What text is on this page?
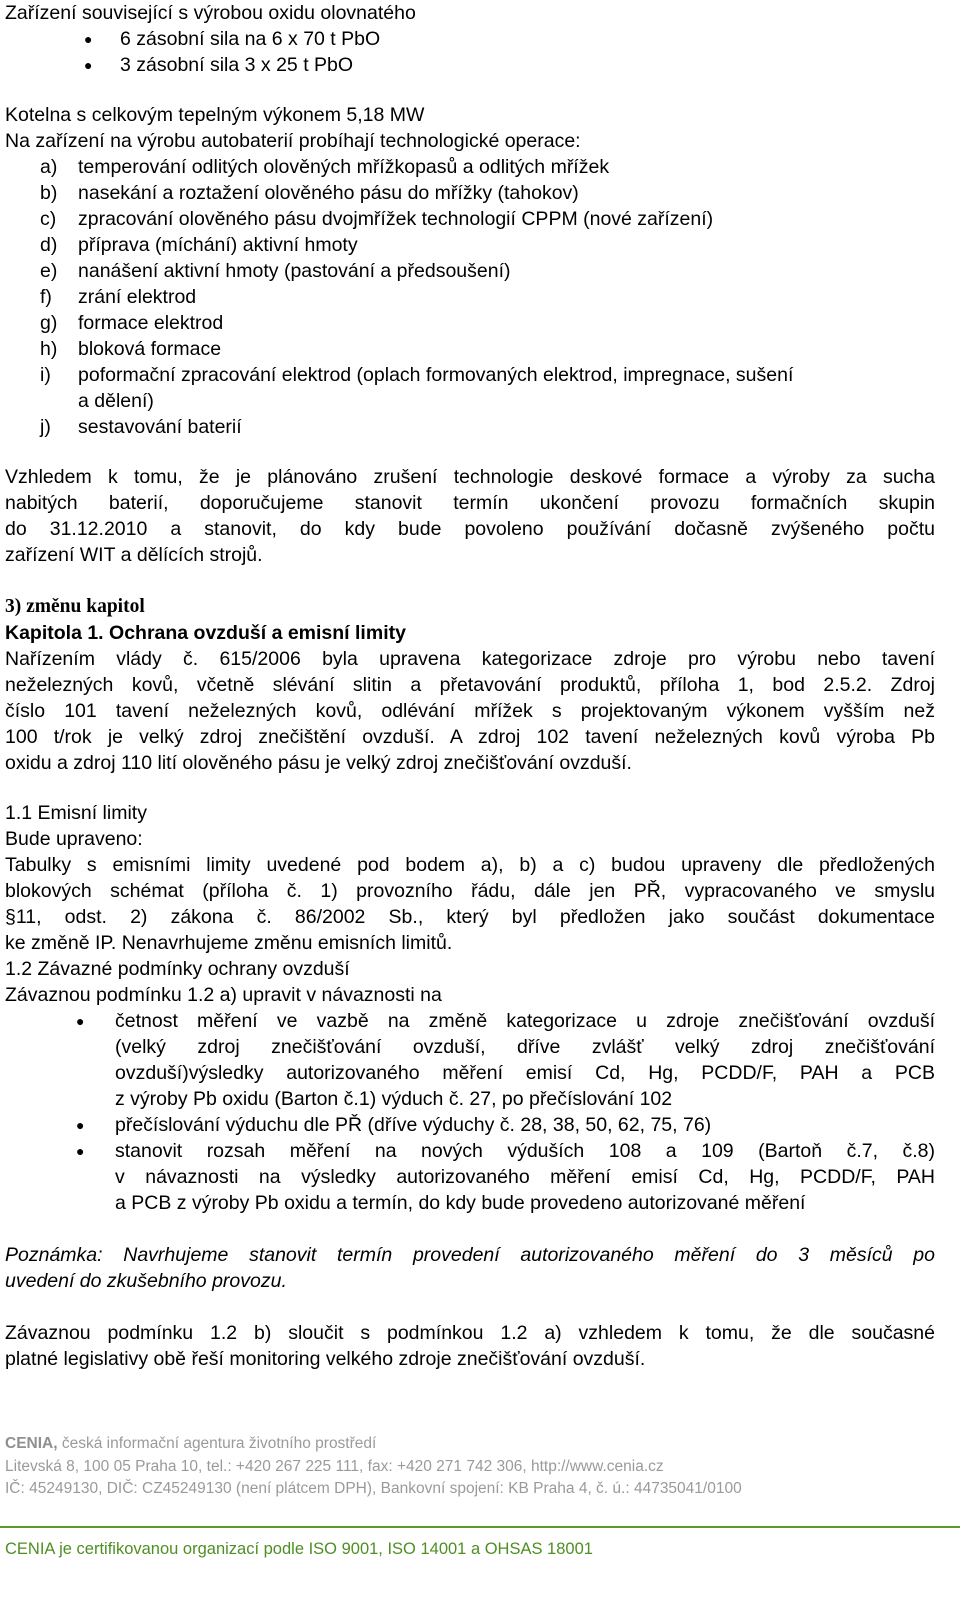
Zařízení související s výrobou oxidu olovnatého
● 6 zásobní sila na 6 x 70 t PbO
● 3 zásobní sila 3 x 25 t PbO
Kotelna s celkovým tepelným výkonem 5,18 MW
Na zařízení na výrobu autobaterií probíhají technologické operace:
a) temperování odlitých olověných mřížkopasů a odlitých mřížek
b) nasekání a roztažení olověného pásu do mřížky (tahokov)
c) zpracování olověného pásu dvojmřížek technologií CPPM (nové zařízení)
d) příprava (míchání) aktivní hmoty
e) nanášení aktivní hmoty (pastování a předsoušení)
f) zrání elektrod
g) formace elektrod
h) bloková formace
i) poformační zpracování elektrod (oplach formovaných elektrod, impregnace, sušení
a dělení)
j) sestavování baterií
Vzhledem k tomu, že je plánováno zrušení technologie deskové formace a výroby za sucha
nabitých baterií, doporučujeme stanovit termín ukončení provozu formačních skupin
do 31.12.2010 a stanovit, do kdy bude povoleno používání dočasně zvýšeného počtu
zařízení WIT a dělících strojů.
3) změnu kapitol
Kapitola 1. Ochrana ovzduší a emisní limity
Nařízením vlády č. 615/2006 byla upravena kategorizace zdroje pro výrobu nebo tavení
neželezných kovů, včetně slévání slitin a přetavování produktů, příloha 1, bod 2.5.2. Zdroj
číslo 101 tavení neželezných kovů, odlévání mřížek s projektovaným výkonem vyšším než
100 t/rok je velký zdroj znečištění ovzduší. A zdroj 102 tavení neželezných kovů výroba Pb
oxidu a zdroj 110 lití olověného pásu je velký zdroj znečišťování ovzduší.
1.1 Emisní limity
Bude upraveno:
Tabulky s emisními limity uvedené pod bodem a), b) a c) budou upraveny dle předložených
blokových schémat (příloha č. 1) provozního řádu, dále jen PŘ, vypracovaného ve smyslu
§11, odst. 2) zákona č. 86/2002 Sb., který byl předložen jako součást dokumentace
ke změně IP. Nenavrhujeme změnu emisních limitů.
1.2 Závazné podmínky ochrany ovzduší
Závaznou podmínku 1.2 a) upravit v návaznosti na
● četnost měření ve vazbě na změně kategorizace u zdroje znečišťování ovzduší
(velký zdroj znečišťování ovzduší, dříve zvlášť velký zdroj znečišťování
ovzduší)výsledky autorizovaného měření emisí Cd, Hg, PCDD/F, PAH a PCB
z výroby Pb oxidu (Barton č.1) výduch č. 27, po přečíslování 102
● přečíslování výduchu dle PŘ (dříve výduchy č. 28, 38, 50, 62, 75, 76)
● stanovit rozsah měření na nových výduších 108 a 109 (Bartoň č.7, č.8)
v návaznosti na výsledky autorizovaného měření emisí Cd, Hg, PCDD/F, PAH
a PCB z výroby Pb oxidu a termín, do kdy bude provedeno autorizované měření
Poznámka: Navrhujeme stanovit termín provedení autorizovaného měření do 3 měsíců po
uvedení do zkušebního provozu.
Závaznou podmínku 1.2 b) sloučit s podmínkou 1.2 a) vzhledem k tomu, že dle současné
platné legislativy obě řeší monitoring velkého zdroje znečišťování ovzduší.
CENIA, česká informační agentura životního prostředí
Litevská 8, 100 05 Praha 10, tel.: +420 267 225 111, fax: +420 271 742 306, http://www.cenia.cz
IČ: 45249130, DIČ: CZ45249130 (není plátcem DPH), Bankovní spojení: KB Praha 4, č. ú.: 44735041/0100
CENIA je certifikovanou organizací podle ISO 9001, ISO 14001 a OHSAS 18001
